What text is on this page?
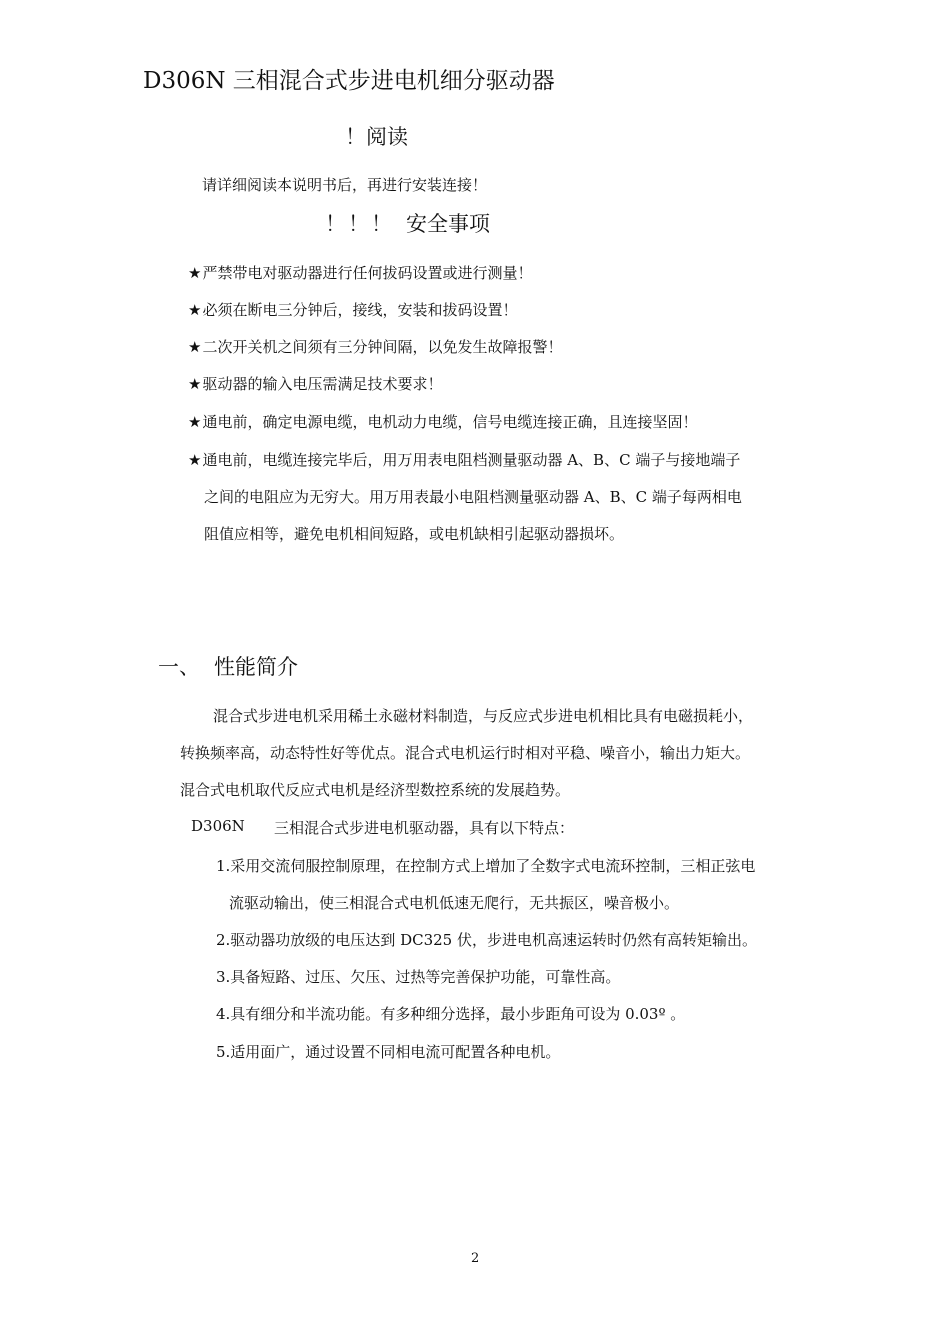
D306N 三相混合式步进电机细分驱动器
！阅读
请详细阅读本说明书后，再进行安装连接！
！！！ 安全事项
★严禁带电对驱动器进行任何拔码设置或进行测量！
★必须在断电三分钟后，接线，安装和拔码设置！
★二次开关机之间须有三分钟间隔，以免发生故障报警！
★驱动器的输入电压需满足技术要求！
★通电前，确定电源电缆，电机动力电缆，信号电缆连接正确，且连接坚固！
★通电前，电缆连接完毕后，用万用表电阻档测量驱动器 A、B、C 端子与接地端子
之间的电阻应为无穷大。用万用表最小电阻档测量驱动器 A、B、C 端子每两相电
阻值应相等，避免电机相间短路，或电机缺相引起驱动器损坏。
一、 性能简介
混合式步进电机采用稀土永磁材料制造，与反应式步进电机相比具有电磁损耗小，
转换频率高，动态特性好等优点。混合式电机运行时相对平稳、噪音小，输出力矩大。
混合式电机取代反应式电机是经济型数控系统的发展趋势。
D306N 三相混合式步进电机驱动器，具有以下特点：
1.采用交流伺服控制原理，在控制方式上增加了全数字式电流环控制，三相正弦电
流驱动输出，使三相混合式电机低速无爬行，无共振区，噪音极小。
2.驱动器功放级的电压达到 DC325 伏，步进电机高速运转时仍然有高转矩输出。
3.具备短路、过压、欠压、过热等完善保护功能，可靠性高。
4.具有细分和半流功能。有多种细分选择，最小步距角可设为 0.03º 。
5.适用面广，通过设置不同相电流可配置各种电机。
2
